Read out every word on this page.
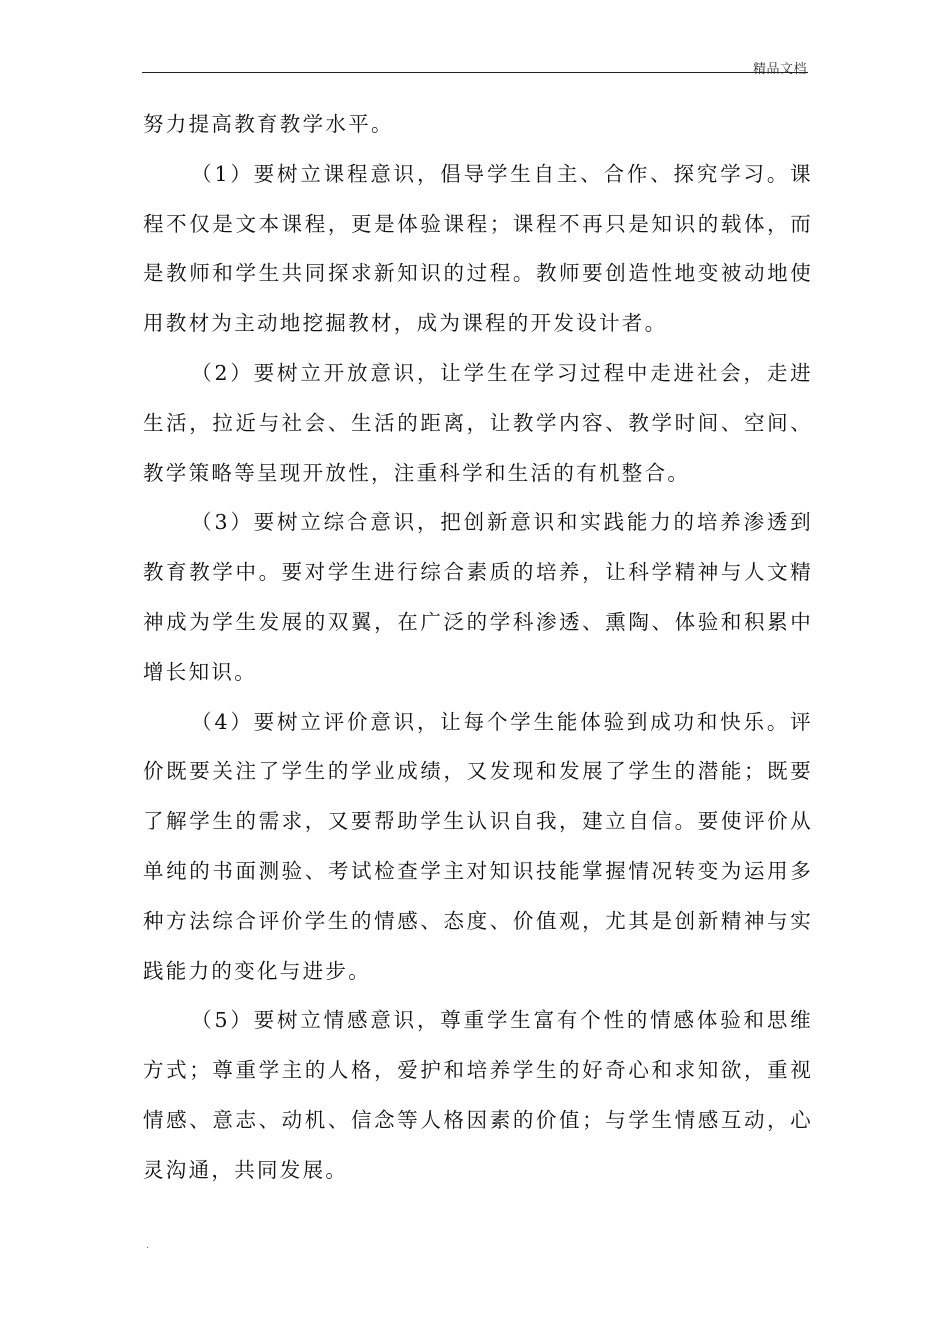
精品文档

努力提高教育教学水平。

（1）要树立课程意识，倡导学生自主、合作、探究学习。课程不仅是文本课程，更是体验课程；课程不再只是知识的载体，而是教师和学生共同探求新知识的过程。教师要创造性地变被动地使用教材为主动地挖掘教材，成为课程的开发设计者。

（2）要树立开放意识，让学生在学习过程中走进社会，走进生活，拉近与社会、生活的距离，让教学内容、教学时间、空间、教学策略等呈现开放性，注重科学和生活的有机整合。

（3）要树立综合意识，把创新意识和实践能力的培养渗透到教育教学中。要对学生进行综合素质的培养，让科学精神与人文精神成为学生发展的双翼，在广泛的学科渗透、熏陶、体验和积累中增长知识。

（4）要树立评价意识，让每个学生能体验到成功和快乐。评价既要关注了学生的学业成绩，又发现和发展了学生的潜能；既要了解学生的需求，又要帮助学生认识自我，建立自信。要使评价从单纯的书面测验、考试检查学主对知识技能掌握情况转变为运用多种方法综合评价学生的情感、态度、价值观，尤其是创新精神与实践能力的变化与进步。

（5）要树立情感意识，尊重学生富有个性的情感体验和思维方式；尊重学主的人格，爱护和培养学生的好奇心和求知欲，重视情感、意志、动机、信念等人格因素的价值；与学生情感互动，心灵沟通，共同发展。

.
